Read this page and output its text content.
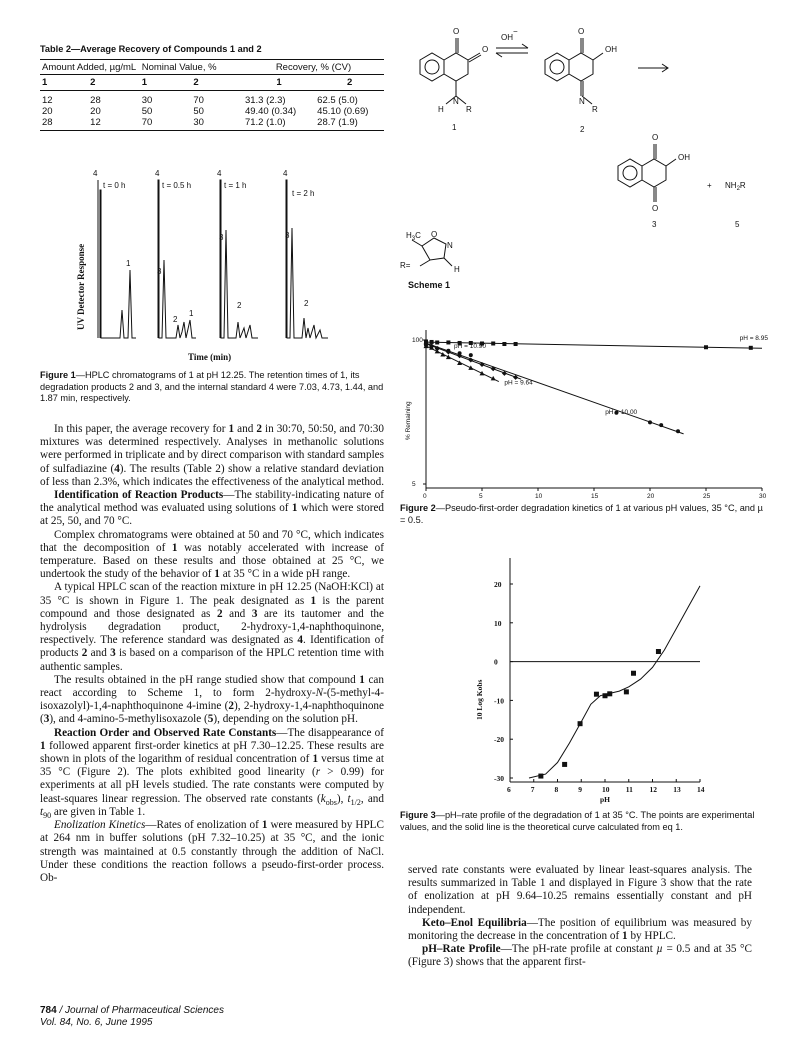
Table 2—Average Recovery of Compounds 1 and 2
Amount Added, µg/mL		Nominal Value, %		Recovery, % (CV)	
1	2	1	2	1	2
12	28	30	70	31.3 (2.3)	62.5 (5.0)
20	20	50	50	49.40 (0.34)	45.10 (0.69)
28	12	70	30	71.2 (1.0)	28.7 (1.9)
t = 0 h
4
1
t = 0.5 h
4
3
1
2
t = 1 h
4
3
2
t = 2 h
4
3
2
UV Detector Response
Time (min)
Figure 1—HPLC chromatograms of 1 at pH 12.25. The retention times of 1, its degradation products 2 and 3, and the internal standard 4 were 7.03, 4.73, 1.44, and 1.87 min, respectively.

In this paper, the average recovery for 1 and 2 in 30:70, 50:50, and 70:30 mixtures was determined respectively. Analyses in methanolic solutions were performed in triplicate and by direct comparison with standard samples of sulfadiazine (4). The results (Table 2) show a relative standard deviation of less than 2.3%, which indicates the effectiveness of the analytical method.

Identification of Reaction Products—The stability-indicating nature of the analytical method was evaluated using solutions of 1 which were stored at 25, 50, and 70 °C.

Complex chromatograms were obtained at 50 and 70 °C, which indicates that the decomposition of 1 was notably accelerated with increase of temperature. Based on these results and those obtained at 25 °C, we undertook the study of the behavior of 1 at 35 °C in a wide pH range.

A typical HPLC scan of the reaction mixture in pH 12.25 (NaOH:KCl) at 35 °C is shown in Figure 1. The peak designated as 1 is the parent compound and those designated as 2 and 3 are its tautomer and the hydrolysis degradation product, 2-hydroxy-1,4-naphthoquinone, respectively. The reference standard was designated as 4. Identification of products 2 and 3 is based on a comparison of the HPLC retention time with authentic samples.

The results obtained in the pH range studied show that compound 1 can react according to Scheme 1, to form 2-hydroxy-N-(5-methyl-4-isoxazolyl)-1,4-naphthoquinone 4-imine (2), 2-hydroxy-1,4-naphthoquinone (3), and 4-amino-5-methylisoxazole (5), depending on the solution pH.

Reaction Order and Observed Rate Constants—The disappearance of 1 followed apparent first-order kinetics at pH 7.30–12.25. These results are shown in plots of the logarithm of residual concentration of 1 versus time at 35 °C (Figure 2). The plots exhibited good linearity (r > 0.99) for experiments at all pH levels studied. The rate constants were computed by least-squares linear regression. The observed rate constants $(k_{obs})$, $t_{1/2}$, and $t_{90}$ are given in Table 1.

Enolization Kinetics—Rates of enolization of 1 were measured by HPLC at 264 nm in buffer solutions (pH 7.32–10.25) at 35 °C, and the ionic strength was maintained at 0.5 constantly through the addition of NaCl. Under these conditions the reaction follows a pseudo-first-order process. Ob-

784 / Journal of Pharmaceutical Sciences
Vol. 84, No. 6, June 1995
O
O
N
H	R
1
OH
−	O
OH
N
R
2
O
OH
O
3
+ $NH_2R$
5
$H_3C$ O
N
H
R=
Scheme 1
0	5	10	15	20	25	30
100
5
% Remaining
pH = 8.95
pH = 10.00
pH = 9.64
pH = 10.90
Figure 2—Pseudo-first-order degradation kinetics of 1 at various pH values, 35 °C, and µ = 0.5.
6	7	8	9	10 11 12 13 14
20
10
0
-10
-20
-30
10 Log Kobs
pH
Figure 3—pH–rate profile of the degradation of 1 at 35 °C. The points are experimental values, and the solid line is the theoretical curve calculated from eq 1.

served rate constants were evaluated by linear least-squares analysis. The results summarized in Table 1 and displayed in Figure 3 show that the rate of enolization at pH 9.64–10.25 remains essentially constant and pH independent.

Keto–Enol Equilibria—The position of equilibrium was measured by monitoring the decrease in the concentration of 1 by HPLC.

pH–Rate Profile—The pH-rate profile at constant µ = 0.5 and at 35 °C (Figure 3) shows that the apparent first-
